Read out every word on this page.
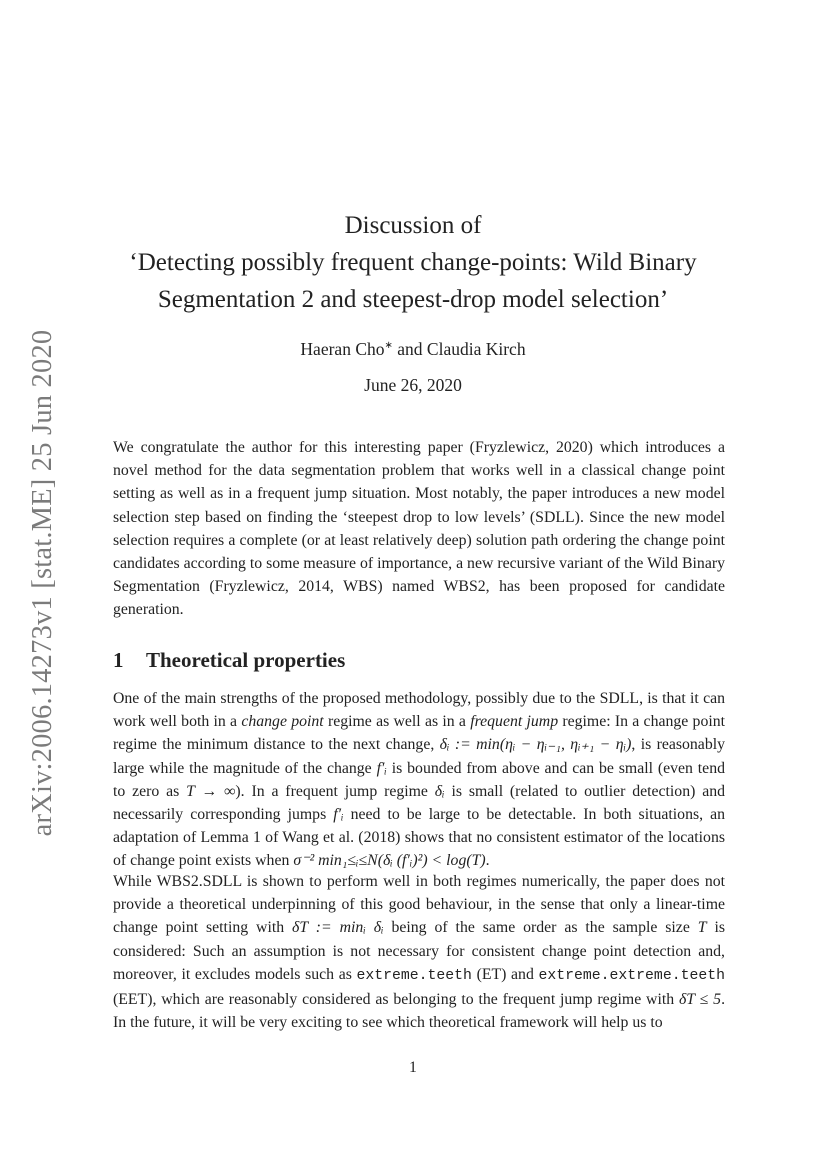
arXiv:2006.14273v1 [stat.ME] 25 Jun 2020
Discussion of
‘Detecting possibly frequent change-points: Wild Binary
Segmentation 2 and steepest-drop model selection’
Haeran Cho∗ and Claudia Kirch
June 26, 2020

We congratulate the author for this interesting paper (Fryzlewicz, 2020) which introduces a novel method for the data segmentation problem that works well in a classical change point setting as well as in a frequent jump situation. Most notably, the paper introduces a new model selection step based on finding the ‘steepest drop to low levels’ (SDLL). Since the new model selection requires a complete (or at least relatively deep) solution path ordering the change point candidates according to some measure of importance, a new recursive variant of the Wild Binary Segmentation (Fryzlewicz, 2014, WBS) named WBS2, has been proposed for candidate generation.

1 Theoretical properties

One of the main strengths of the proposed methodology, possibly due to the SDLL, is that it can work well both in a change point regime as well as in a frequent jump regime: In a change point regime the minimum distance to the next change, δᵢ := min(ηᵢ − ηᵢ₋₁, ηᵢ₊₁ − ηᵢ), is reasonably large while the magnitude of the change f′ᵢ is bounded from above and can be small (even tend to zero as T → ∞). In a frequent jump regime δᵢ is small (related to outlier detection) and necessarily corresponding jumps f′ᵢ need to be large to be detectable. In both situations, an adaptation of Lemma 1 of Wang et al. (2018) shows that no consistent estimator of the locations of change point exists when σ⁻² min₁≤ᵢ≤N(δᵢ (f′ᵢ)²) < log(T).

While WBS2.SDLL is shown to perform well in both regimes numerically, the paper does not provide a theoretical underpinning of this good behaviour, in the sense that only a linear-time change point setting with δT := minᵢ δᵢ being of the same order as the sample size T is considered: Such an assumption is not necessary for consistent change point detection and, moreover, it excludes models such as extreme.teeth (ET) and extreme.extreme.teeth (EET), which are reasonably considered as belonging to the frequent jump regime with δT ≤ 5. In the future, it will be very exciting to see which theoretical framework will help us to

1
